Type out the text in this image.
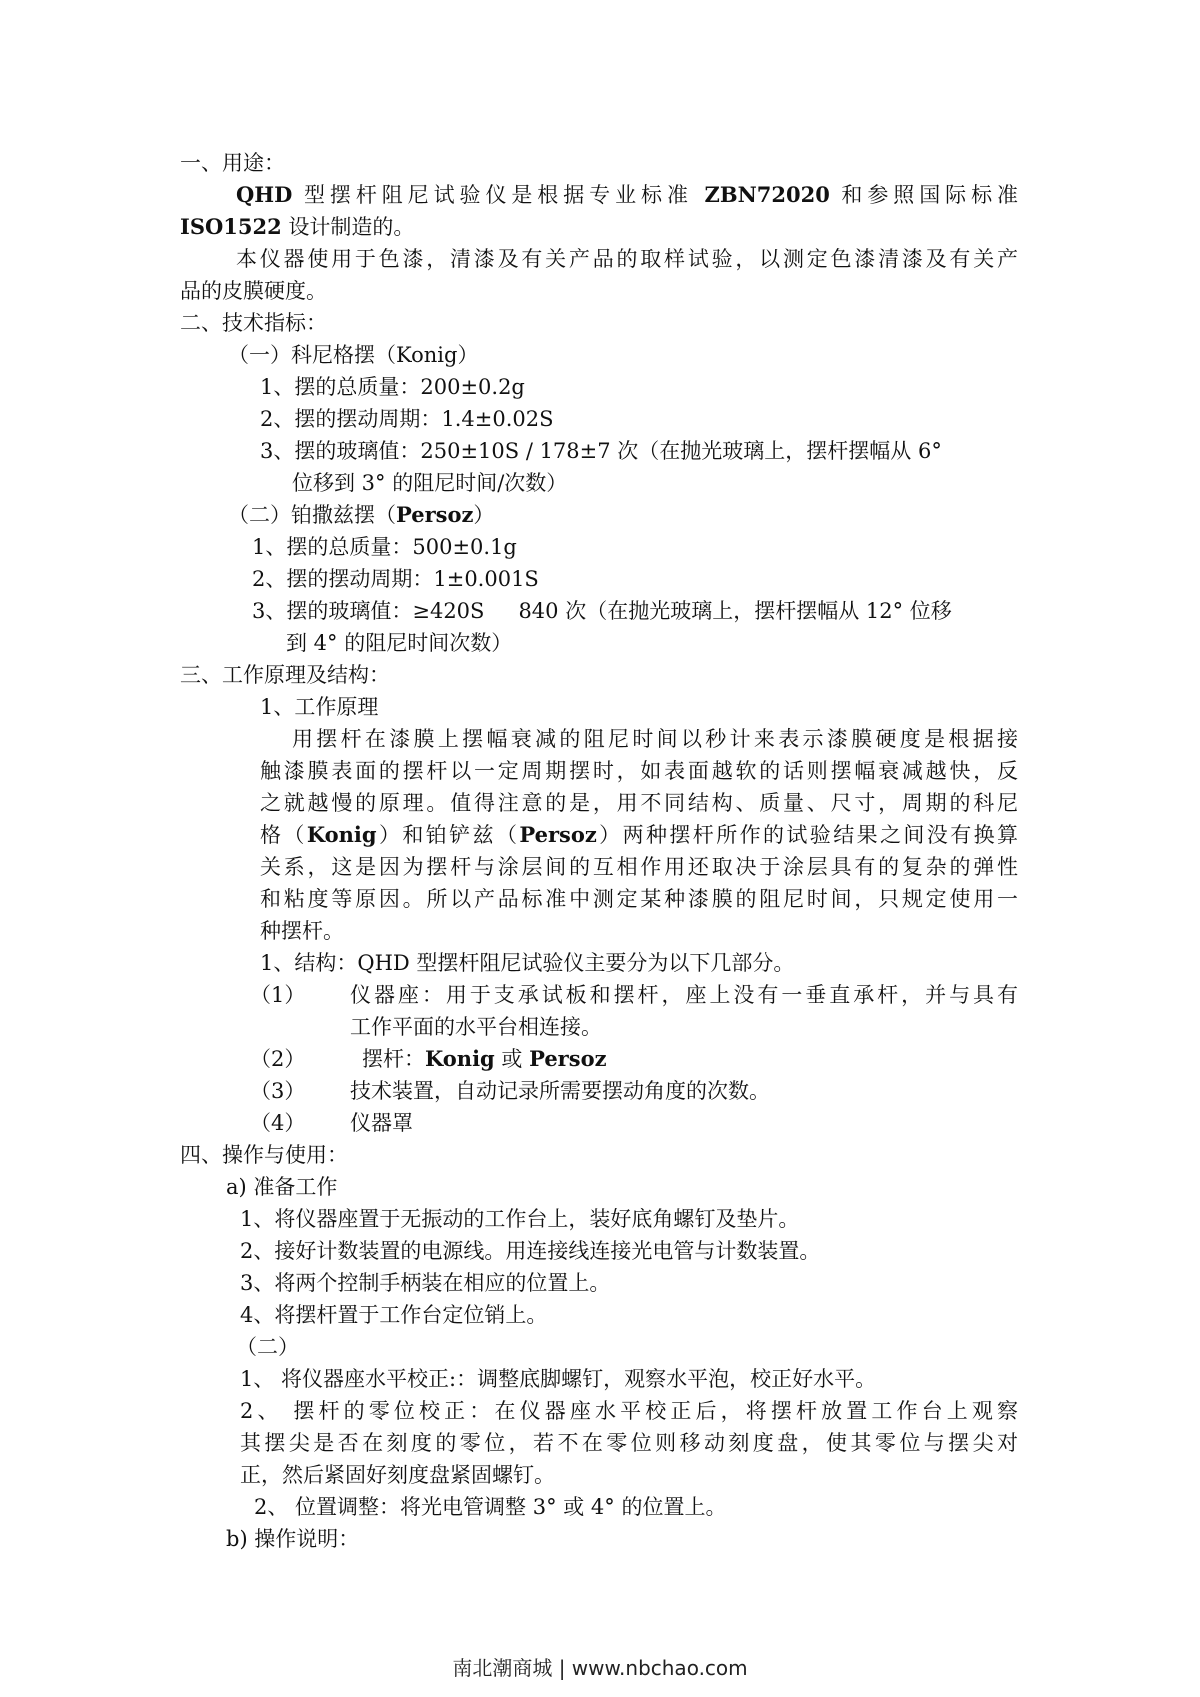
一、用途：
QHD 型摆杆阻尼试验仪是根据专业标准 ZBN72020 和参照国际标准
ISO1522 设计制造的。
本仪器使用于色漆，清漆及有关产品的取样试验，以测定色漆清漆及有关产
品的皮膜硬度。
二、技术指标：
（一）科尼格摆（Konig）
1、摆的总质量：200±0.2g
2、摆的摆动周期：1.4±0.02S
3、摆的玻璃值：250±10S / 178±7 次（在抛光玻璃上，摆杆摆幅从 6°
位移到 3° 的阻尼时间/次数）
（二）铂撒兹摆（Persoz）
1、摆的总质量：500±0.1g
2、摆的摆动周期：1±0.001S
3、摆的玻璃值：≥420S 840 次（在抛光玻璃上，摆杆摆幅从 12° 位移
到 4° 的阻尼时间次数）
三、工作原理及结构：
1、工作原理
用摆杆在漆膜上摆幅衰减的阻尼时间以秒计来表示漆膜硬度是根据接
触漆膜表面的摆杆以一定周期摆时，如表面越软的话则摆幅衰减越快，反
之就越慢的原理。值得注意的是，用不同结构、质量、尺寸，周期的科尼
格（Konig）和铂铲兹（Persoz）两种摆杆所作的试验结果之间没有换算
关系，这是因为摆杆与涂层间的互相作用还取决于涂层具有的复杂的弹性
和粘度等原因。所以产品标准中测定某种漆膜的阻尼时间，只规定使用一
种摆杆。
1、结构：QHD 型摆杆阻尼试验仪主要分为以下几部分。
（1） 仪器座：用于支承试板和摆杆，座上没有一垂直承杆，并与具有
工作平面的水平台相连接。
（2）	摆杆：Konig 或 Persoz
（3） 技术装置，自动记录所需要摆动角度的次数。
（4） 仪器罩
四、操作与使用：
a) 准备工作
1、将仪器座置于无振动的工作台上，装好底角螺钉及垫片。
2、接好计数装置的电源线。用连接线连接光电管与计数装置。
3、将两个控制手柄装在相应的位置上。
4、将摆杆置于工作台定位销上。
（二）
1、 将仪器座水平校正:：调整底脚螺钉，观察水平泡，校正好水平。
2、 摆杆的零位校正：在仪器座水平校正后，将摆杆放置工作台上观察
其摆尖是否在刻度的零位，若不在零位则移动刻度盘，使其零位与摆尖对
正，然后紧固好刻度盘紧固螺钉。
2、 位置调整：将光电管调整 3° 或 4° 的位置上。
b) 操作说明：
南北潮商城 | www.nbchao.com
